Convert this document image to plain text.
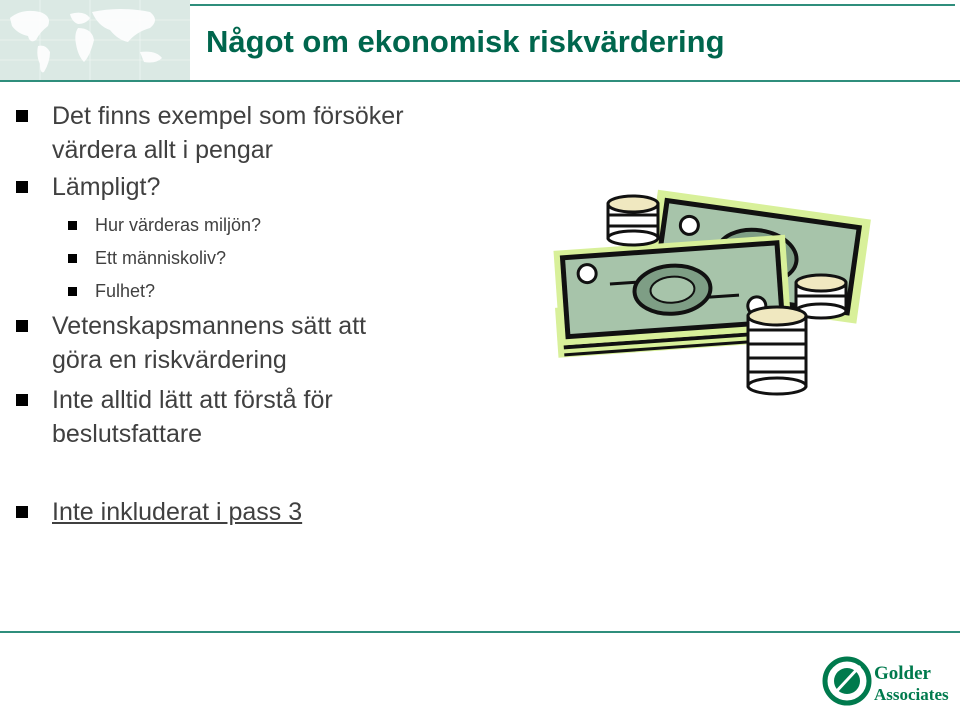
Något om ekonomisk riskvärdering
Det finns exempel som försöker
värdera allt i pengar
Lämpligt?
Hur värderas miljön?
Ett människoliv?
Fulhet?
Vetenskapsmannens sätt att
göra en riskvärdering
Inte alltid lätt att förstå för
beslutsfattare
Inte inkluderat i pass 3
Golder
Associates
